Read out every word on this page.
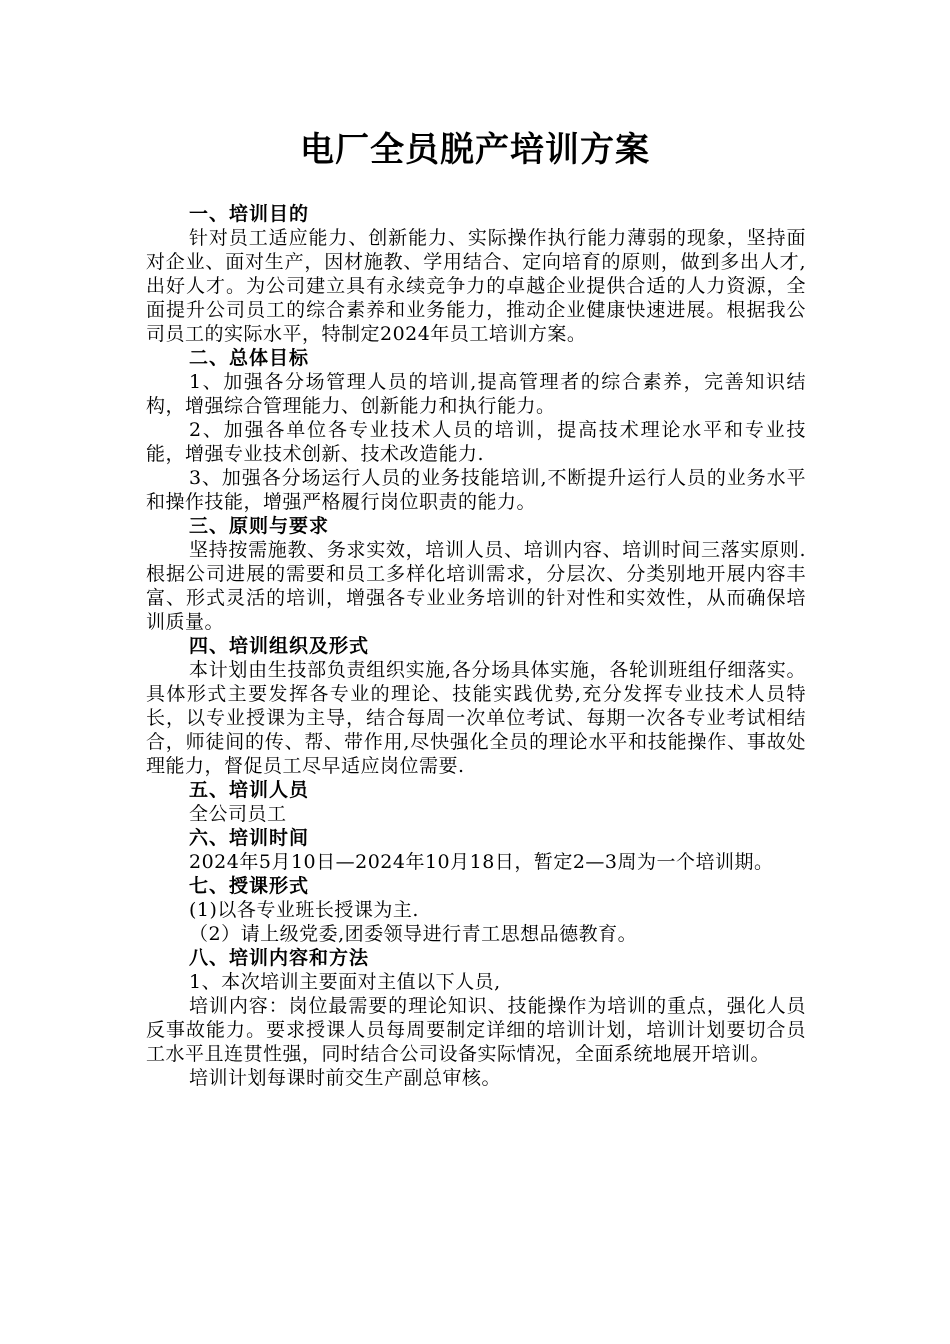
电厂全员脱产培训方案
一、培训目的

针对员工适应能力、创新能力、实际操作执行能力薄弱的现象，坚持面对企业、面对生产，因材施教、学用结合、定向培育的原则，做到多出人才,出好人才。为公司建立具有永续竞争力的卓越企业提供合适的人力资源，全面提升公司员工的综合素养和业务能力，推动企业健康快速进展。根据我公司员工的实际水平，特制定2024年员工培训方案。

二、总体目标

1、加强各分场管理人员的培训,提高管理者的综合素养，完善知识结构，增强综合管理能力、创新能力和执行能力。

2、加强各单位各专业技术人员的培训，提高技术理论水平和专业技能，增强专业技术创新、技术改造能力.

3、加强各分场运行人员的业务技能培训,不断提升运行人员的业务水平和操作技能，增强严格履行岗位职责的能力。

三、原则与要求

坚持按需施教、务求实效，培训人员、培训内容、培训时间三落实原则.根据公司进展的需要和员工多样化培训需求，分层次、分类别地开展内容丰富、形式灵活的培训，增强各专业业务培训的针对性和实效性，从而确保培训质量。

四、培训组织及形式

本计划由生技部负责组织实施,各分场具体实施，各轮训班组仔细落实。具体形式主要发挥各专业的理论、技能实践优势,充分发挥专业技术人员特长，以专业授课为主导，结合每周一次单位考试、每期一次各专业考试相结合，师徒间的传、帮、带作用,尽快强化全员的理论水平和技能操作、事故处理能力，督促员工尽早适应岗位需要.

五、培训人员

全公司员工

六、培训时间

2024年5月10日—2024年10月18日，暂定2—3周为一个培训期。

七、授课形式

(1)以各专业班长授课为主.

（2）请上级党委,团委领导进行青工思想品德教育。

八、培训内容和方法

1、本次培训主要面对主值以下人员,

培训内容：岗位最需要的理论知识、技能操作为培训的重点，强化人员反事故能力。要求授课人员每周要制定详细的培训计划，培训计划要切合员工水平且连贯性强，同时结合公司设备实际情况，全面系统地展开培训。

培训计划每课时前交生产副总审核。
